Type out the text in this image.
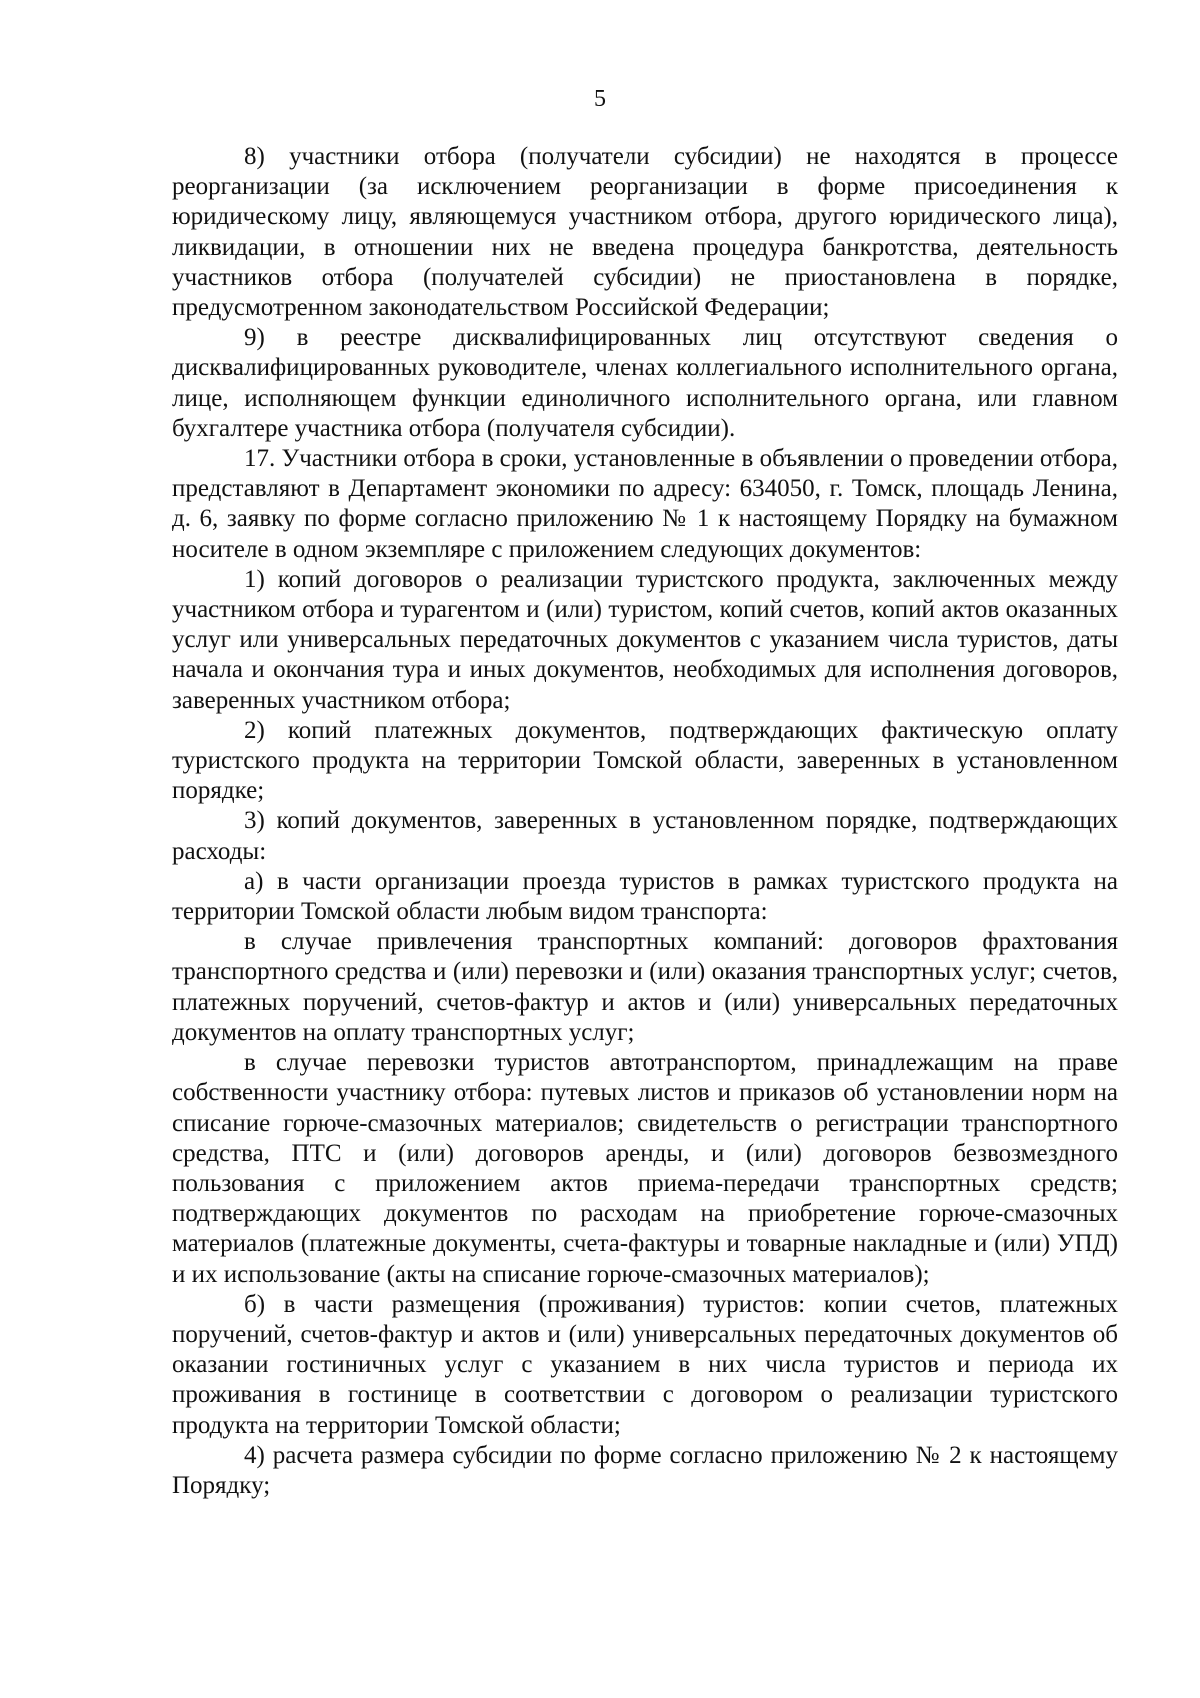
5

8) участники отбора (получатели субсидии) не находятся в процессе реорганизации (за исключением реорганизации в форме присоединения к юридическому лицу, являющемуся участником отбора, другого юридического лица), ликвидации, в отношении них не введена процедура банкротства, деятельность участников отбора (получателей субсидии) не приостановлена в порядке, предусмотренном законодательством Российской Федерации;

9) в реестре дисквалифицированных лиц отсутствуют сведения о дисквалифицированных руководителе, членах коллегиального исполнительного органа, лице, исполняющем функции единоличного исполнительного органа, или главном бухгалтере участника отбора (получателя субсидии).

17. Участники отбора в сроки, установленные в объявлении о проведении отбора, представляют в Департамент экономики по адресу: 634050, г. Томск, площадь Ленина, д. 6, заявку по форме согласно приложению № 1 к настоящему Порядку на бумажном носителе в одном экземпляре с приложением следующих документов:

1) копий договоров о реализации туристского продукта, заключенных между участником отбора и турагентом и (или) туристом, копий счетов, копий актов оказанных услуг или универсальных передаточных документов с указанием числа туристов, даты начала и окончания тура и иных документов, необходимых для исполнения договоров, заверенных участником отбора;

2) копий платежных документов, подтверждающих фактическую оплату туристского продукта на территории Томской области, заверенных в установленном порядке;

3) копий документов, заверенных в установленном порядке, подтверждающих расходы:

а) в части организации проезда туристов в рамках туристского продукта на территории Томской области любым видом транспорта:

в случае привлечения транспортных компаний: договоров фрахтования транспортного средства и (или) перевозки и (или) оказания транспортных услуг; счетов, платежных поручений, счетов-фактур и актов и (или) универсальных передаточных документов на оплату транспортных услуг;

в случае перевозки туристов автотранспортом, принадлежащим на праве собственности участнику отбора: путевых листов и приказов об установлении норм на списание горюче-смазочных материалов; свидетельств о регистрации транспортного средства, ПТС и (или) договоров аренды, и (или) договоров безвозмездного пользования с приложением актов приема-передачи транспортных средств; подтверждающих документов по расходам на приобретение горюче-смазочных материалов (платежные документы, счета-фактуры и товарные накладные и (или) УПД) и их использование (акты на списание горюче-смазочных материалов);

б) в части размещения (проживания) туристов: копии счетов, платежных поручений, счетов-фактур и актов и (или) универсальных передаточных документов об оказании гостиничных услуг с указанием в них числа туристов и периода их проживания в гостинице в соответствии с договором о реализации туристского продукта на территории Томской области;

4) расчета размера субсидии по форме согласно приложению № 2 к настоящему Порядку;
